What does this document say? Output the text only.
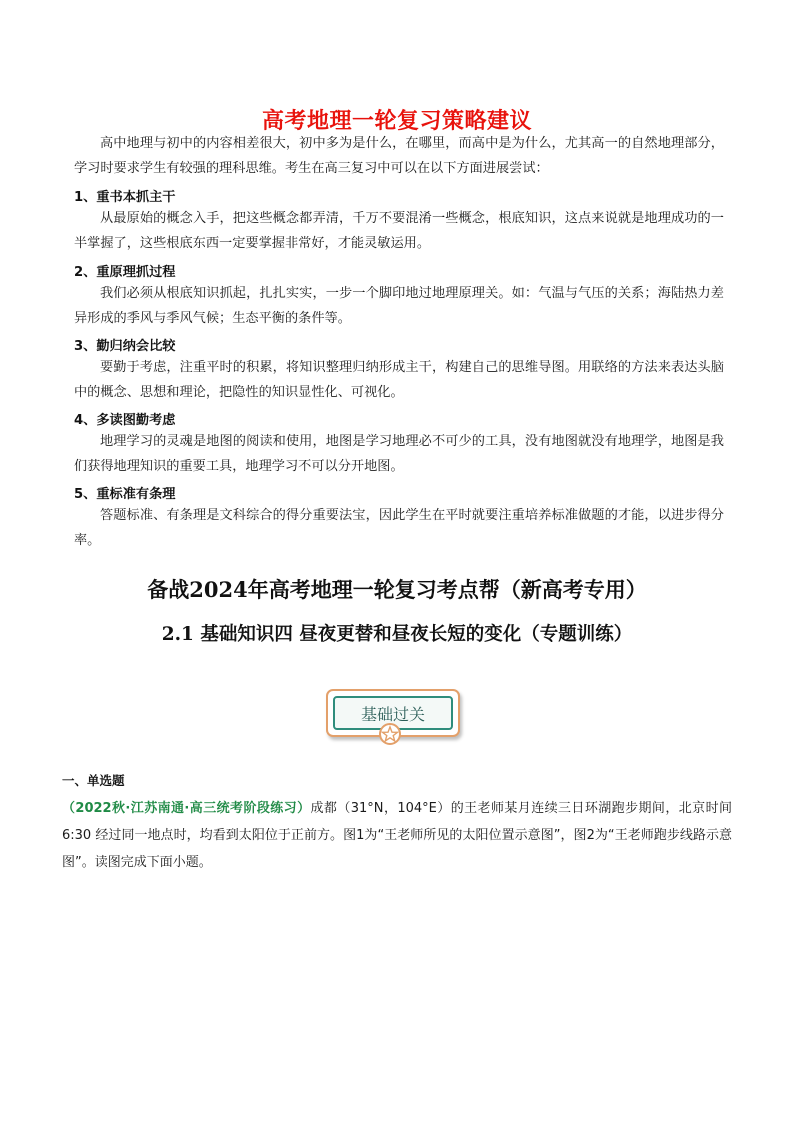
高考地理一轮复习策略建议
高中地理与初中的内容相差很大，初中多为是什么，在哪里，而高中是为什么，尤其高一的自然地理部分，学习时要求学生有较强的理科思维。考生在高三复习中可以在以下方面进展尝试：
1、重书本抓主干
从最原始的概念入手，把这些概念都弄清，千万不要混淆一些概念，根底知识，这点来说就是地理成功的一半掌握了，这些根底东西一定要掌握非常好，才能灵敏运用。
2、重原理抓过程
我们必须从根底知识抓起，扎扎实实，一步一个脚印地过地理原理关。如：气温与气压的关系；海陆热力差异形成的季风与季风气候；生态平衡的条件等。
3、勤归纳会比较
要勤于考虑，注重平时的积累，将知识整理归纳形成主干，构建自己的思维导图。用联络的方法来表达头脑中的概念、思想和理论，把隐性的知识显性化、可视化。
4、多读图勤考虑
地理学习的灵魂是地图的阅读和使用，地图是学习地理必不可少的工具，没有地图就没有地理学，地图是我们获得地理知识的重要工具，地理学习不可以分开地图。
5、重标准有条理
答题标准、有条理是文科综合的得分重要法宝，因此学生在平时就要注重培养标准做题的才能，以进步得分率。
备战2024年高考地理一轮复习考点帮（新高考专用）
2.1 基础知识四 昼夜更替和昼夜长短的变化（专题训练）
基础过关
一、单选题
（2022秋·江苏南通·高三统考阶段练习）成都（31°N，104°E）的王老师某月连续三日环湖跑步期间，北京时间6:30 经过同一地点时，均看到太阳位于正前方。图1为“王老师所见的太阳位置示意图”，图2为“王老师跑步线路示意图”。读图完成下面小题。
